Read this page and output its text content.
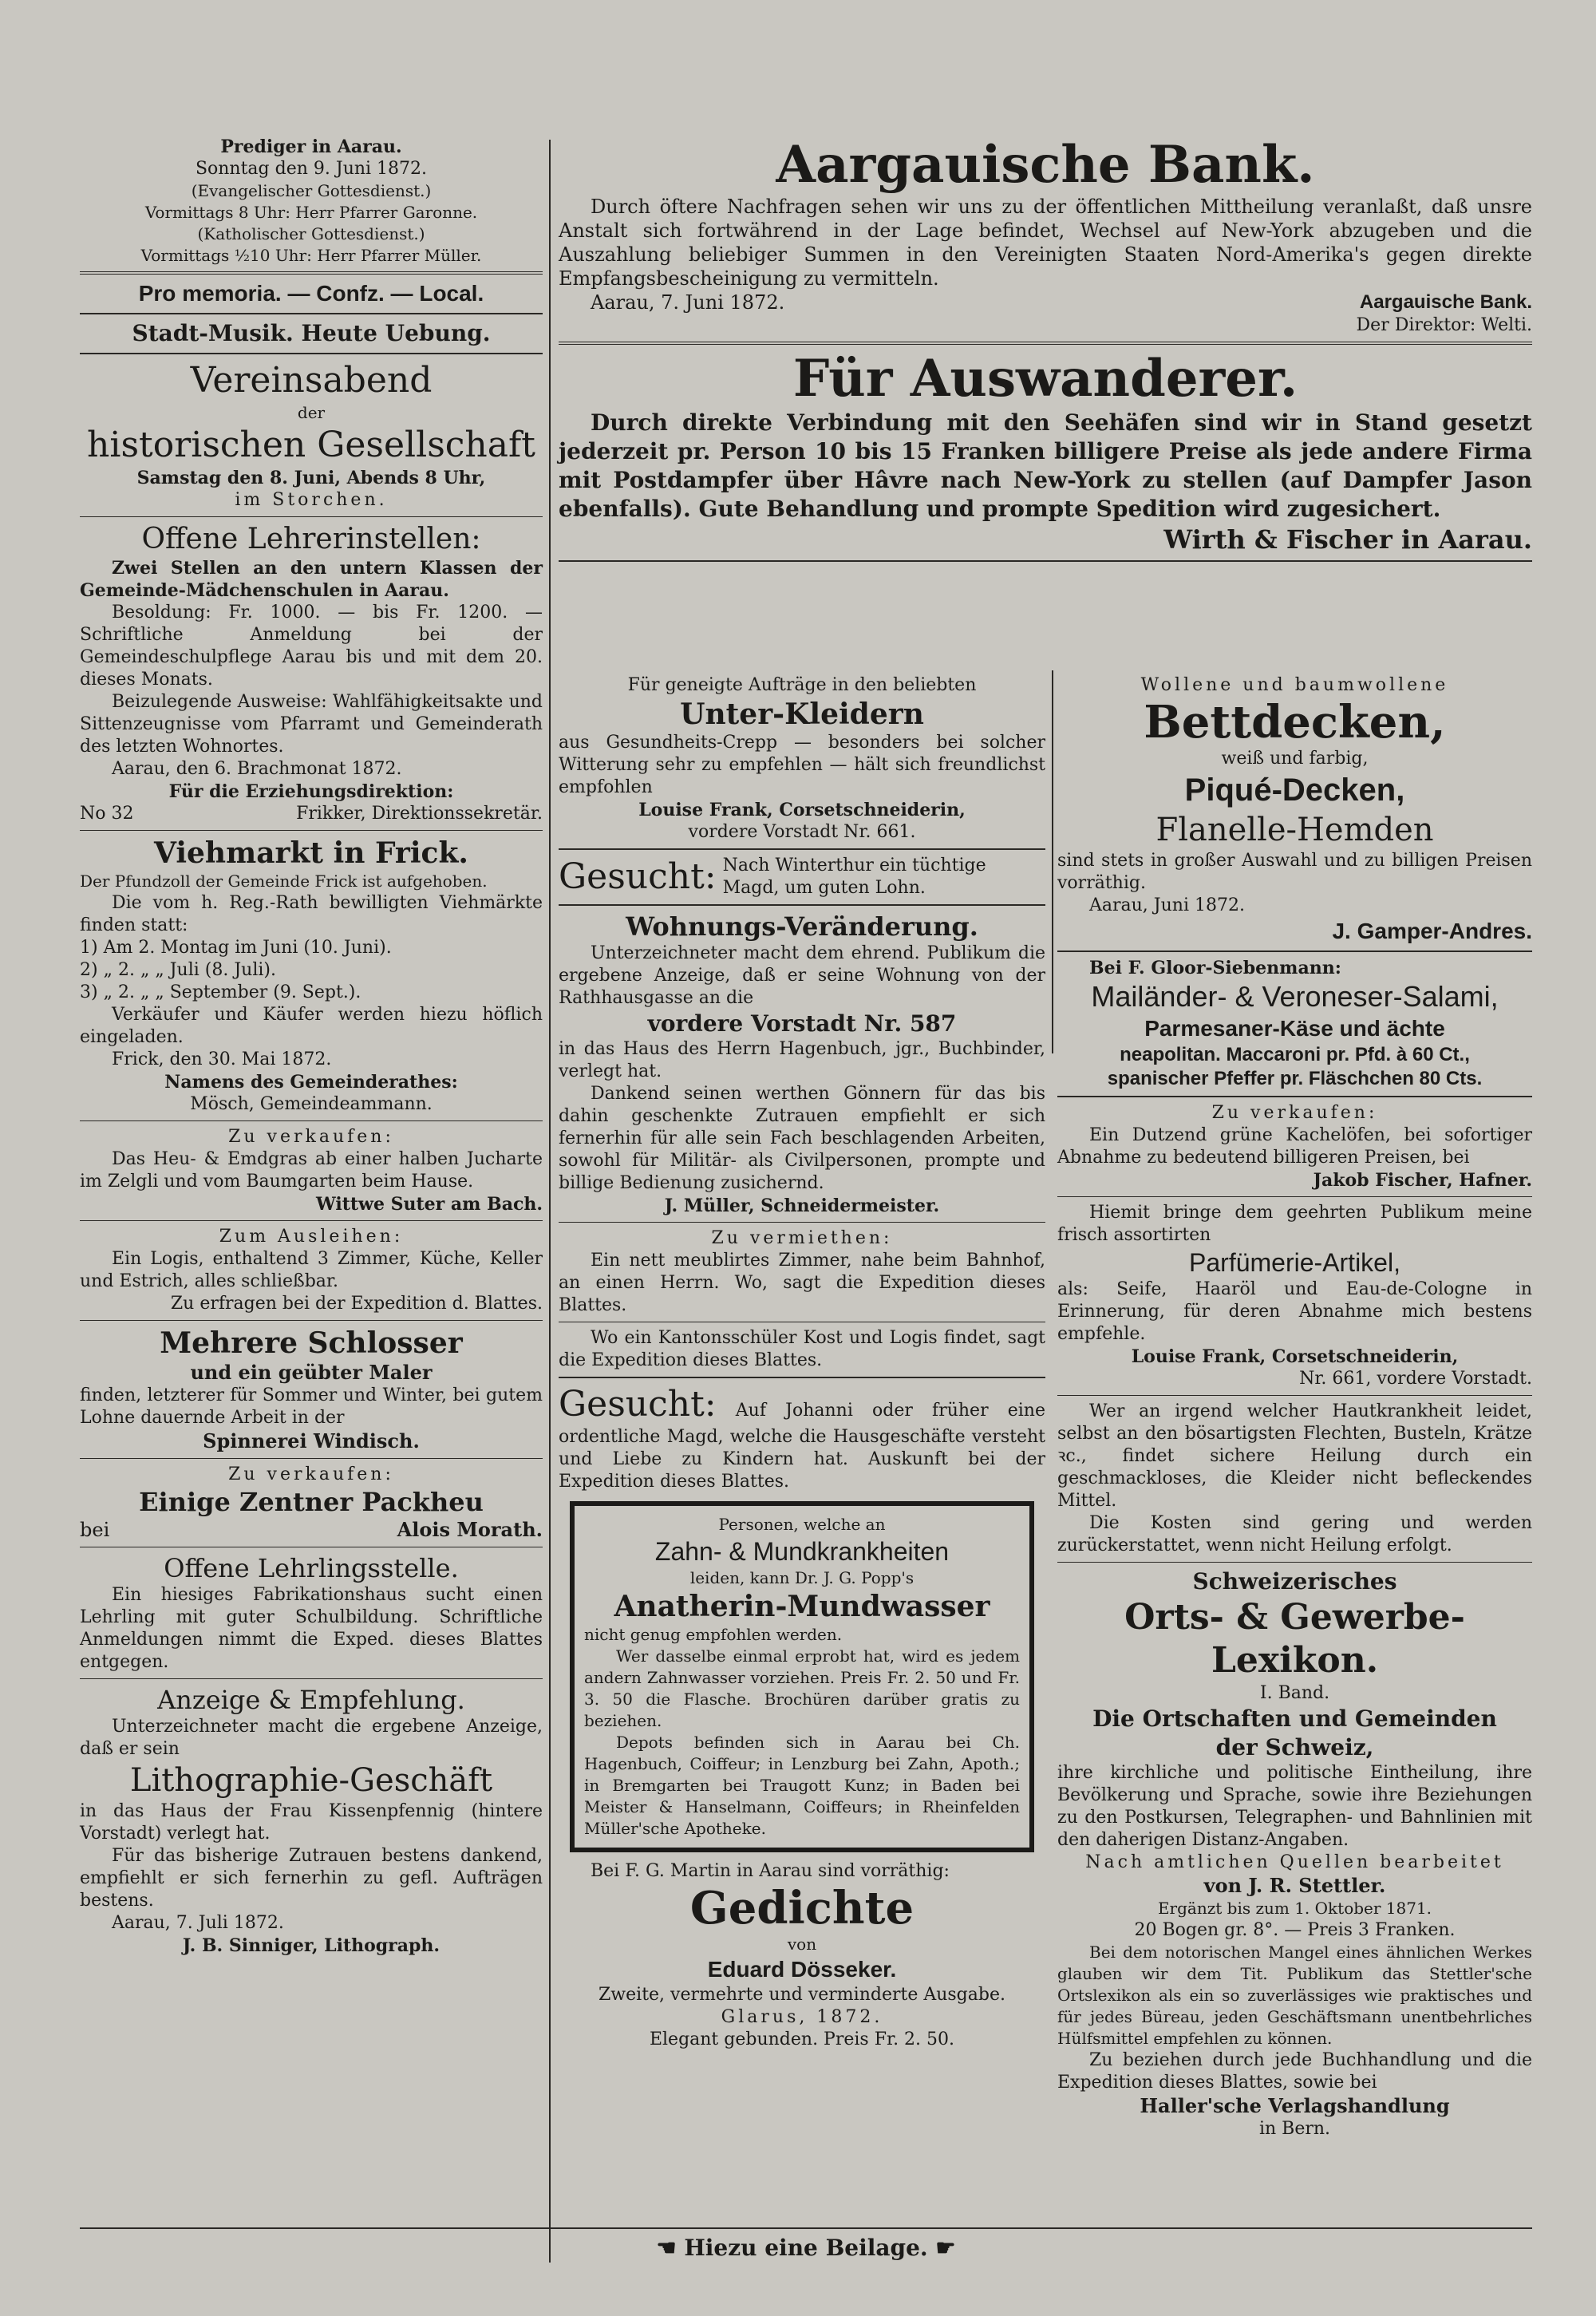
Prediger in Aarau.

Sonntag den 9. Juni 1872.

(Evangelischer Gottesdienst.)

Vormittags 8 Uhr: Herr Pfarrer Garonne.

(Katholischer Gottesdienst.)

Vormittags ½10 Uhr: Herr Pfarrer Müller.

Pro memoria. — Confz. — Local.

Stadt-Musik. Heute Uebung.

Vereinsabend

der

historischen Gesellschaft

Samstag den 8. Juni, Abends 8 Uhr,

im Storchen.

Offene Lehrerinstellen:

Zwei Stellen an den untern Klassen der Gemeinde-Mädchenschulen in Aarau.

Besoldung: Fr. 1000. — bis Fr. 1200. — Schriftliche Anmeldung bei der Gemeindeschulpflege Aarau bis und mit dem 20. dieses Monats.

Beizulegende Ausweise: Wahlfähigkeitsakte und Sittenzeugnisse vom Pfarramt und Gemeinderath des letzten Wohnortes.

Aarau, den 6. Brachmonat 1872.

Für die Erziehungsdirektion:

No 32	Frikker, Direktionssekretär.

Viehmarkt in Frick.

Der Pfundzoll der Gemeinde Frick ist aufgehoben.

Die vom h. Reg.-Rath bewilligten Viehmärkte finden statt:

1) Am 2. Montag im Juni (10. Juni).

2) „ 2. „ „ Juli (8. Juli).

3) „ 2. „ „ September (9. Sept.).

Verkäufer und Käufer werden hiezu höflich eingeladen.

Frick, den 30. Mai 1872.

Namens des Gemeinderathes:

Mösch, Gemeindeammann.

Zu verkaufen:

Das Heu- & Emdgras ab einer halben Jucharte im Zelgli und vom Baumgarten beim Hause.

Wittwe Suter am Bach.

Zum Ausleihen:

Ein Logis, enthaltend 3 Zimmer, Küche, Keller und Estrich, alles schließbar.

Zu erfragen bei der Expedition d. Blattes.

Mehrere Schlosser

und ein geübter Maler

finden, letzterer für Sommer und Winter, bei gutem Lohne dauernde Arbeit in der

Spinnerei Windisch.

Zu verkaufen:

Einige Zentner Packheu

bei	Alois Morath.

Offene Lehrlingsstelle.

Ein hiesiges Fabrikationshaus sucht einen Lehrling mit guter Schulbildung. Schriftliche Anmeldungen nimmt die Exped. dieses Blattes entgegen.

Anzeige & Empfehlung.

Unterzeichneter macht die ergebene Anzeige, daß er sein

Lithographie-Geschäft

in das Haus der Frau Kissenpfennig (hintere Vorstadt) verlegt hat.

Für das bisherige Zutrauen bestens dankend, empfiehlt er sich fernerhin zu gefl. Aufträgen bestens.

Aarau, 7. Juli 1872.

J. B. Sinniger, Lithograph.

Aargauische Bank.

Durch öftere Nachfragen sehen wir uns zu der öffentlichen Mittheilung veranlaßt, daß unsre Anstalt sich fortwährend in der Lage befindet, Wechsel auf New-York abzugeben und die Auszahlung beliebiger Summen in den Vereinigten Staaten Nord-Amerika's gegen direkte Empfangsbescheinigung zu vermitteln.

Aarau, 7. Juni 1872.	Aargauische Bank.

Der Direktor: Welti.

Für Auswanderer.

Durch direkte Verbindung mit den Seehäfen sind wir in Stand gesetzt jederzeit pr. Person 10 bis 15 Franken billigere Preise als jede andere Firma mit Postdampfer über Hâvre nach New-York zu stellen (auf Dampfer Jason ebenfalls). Gute Behandlung und prompte Spedition wird zugesichert.

Wirth & Fischer in Aarau.

Für geneigte Aufträge in den beliebten

Unter-Kleidern

aus Gesundheits-Crepp — besonders bei solcher Witterung sehr zu empfehlen — hält sich freundlichst empfohlen

Louise Frank, Corsetschneiderin,

vordere Vorstadt Nr. 661.

Gesucht: Nach Winterthur ein tüchtige Magd, um guten Lohn.

Wohnungs-Veränderung.

Unterzeichneter macht dem ehrend. Publikum die ergebene Anzeige, daß er seine Wohnung von der Rathhausgasse an die

vordere Vorstadt Nr. 587

in das Haus des Herrn Hagenbuch, jgr., Buchbinder, verlegt hat.

Dankend seinen werthen Gönnern für das bis dahin geschenkte Zutrauen empfiehlt er sich fernerhin für alle sein Fach beschlagenden Arbeiten, sowohl für Militär- als Civilpersonen, prompte und billige Bedienung zusichernd.

J. Müller, Schneidermeister.

Zu vermiethen:

Ein nett meublirtes Zimmer, nahe beim Bahnhof, an einen Herrn. Wo, sagt die Expedition dieses Blattes.

Wo ein Kantonsschüler Kost und Logis findet, sagt die Expedition dieses Blattes.

Gesucht: Auf Johanni oder früher eine ordentliche Magd, welche die Hausgeschäfte versteht und Liebe zu Kindern hat. Auskunft bei der Expedition dieses Blattes.

Personen, welche an

Zahn- & Mundkrankheiten

leiden, kann Dr. J. G. Popp's

Anatherin-Mundwasser

nicht genug empfohlen werden.

Wer dasselbe einmal erprobt hat, wird es jedem andern Zahnwasser vorziehen. Preis Fr. 2. 50 und Fr. 3. 50 die Flasche. Brochüren darüber gratis zu beziehen.

Depots befinden sich in Aarau bei Ch. Hagenbuch, Coiffeur; in Lenzburg bei Zahn, Apoth.; in Bremgarten bei Traugott Kunz; in Baden bei Meister & Hanselmann, Coiffeurs; in Rheinfelden Müller'sche Apotheke.

Bei F. G. Martin in Aarau sind vorräthig:

Gedichte

von

Eduard Dösseker.

Zweite, vermehrte und verminderte Ausgabe.

Glarus, 1872.

Elegant gebunden. Preis Fr. 2. 50.

Wollene und baumwollene

Bettdecken,

weiß und farbig,

Piqué-Decken,

Flanelle-Hemden

sind stets in großer Auswahl und zu billigen Preisen vorräthig.

Aarau, Juni 1872.

J. Gamper-Andres.

Bei F. Gloor-Siebenmann:

Mailänder- & Veroneser-Salami,

Parmesaner-Käse und ächte

neapolitan. Maccaroni pr. Pfd. à 60 Ct.,

spanischer Pfeffer pr. Fläschchen 80 Cts.

Zu verkaufen:

Ein Dutzend grüne Kachelöfen, bei sofortiger Abnahme zu bedeutend billigeren Preisen, bei

Jakob Fischer, Hafner.

Hiemit bringe dem geehrten Publikum meine frisch assortirten

Parfümerie-Artikel,

als: Seife, Haaröl und Eau-de-Cologne in Erinnerung, für deren Abnahme mich bestens empfehle.

Louise Frank, Corsetschneiderin,

Nr. 661, vordere Vorstadt.

Wer an irgend welcher Hautkrankheit leidet, selbst an den bösartigsten Flechten, Busteln, Krätze ꝛc., findet sichere Heilung durch ein geschmackloses, die Kleider nicht befleckendes Mittel.

Die Kosten sind gering und werden zurückerstattet, wenn nicht Heilung erfolgt.

Schweizerisches

Orts- & Gewerbe-Lexikon.

I. Band.

Die Ortschaften und Gemeinden

der Schweiz,

ihre kirchliche und politische Eintheilung, ihre Bevölkerung und Sprache, sowie ihre Beziehungen zu den Postkursen, Telegraphen- und Bahnlinien mit den daherigen Distanz-Angaben.

Nach amtlichen Quellen bearbeitet

von J. R. Stettler.

Ergänzt bis zum 1. Oktober 1871.

20 Bogen gr. 8°. — Preis 3 Franken.

Bei dem notorischen Mangel eines ähnlichen Werkes glauben wir dem Tit. Publikum das Stettler'sche Ortslexikon als ein so zuverlässiges wie praktisches und für jedes Büreau, jeden Geschäftsmann unentbehrliches Hülfsmittel empfehlen zu können.

Zu beziehen durch jede Buchhandlung und die Expedition dieses Blattes, sowie bei

Haller'sche Verlagshandlung

in Bern.

☚ Hiezu eine Beilage. ☛
